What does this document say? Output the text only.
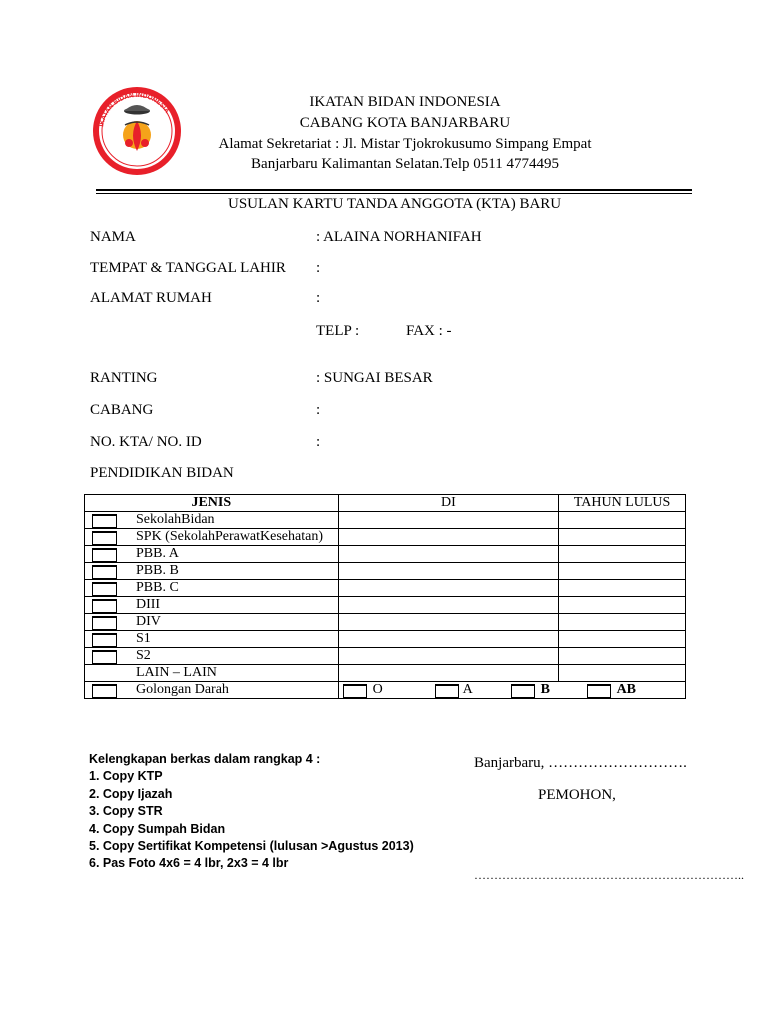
IKATAN BIDAN INDONESIA
IKATAN BIDAN INDONESIA
CABANG KOTA BANJARBARU
Alamat Sekretariat : Jl. Mistar Tjokrokusumo Simpang Empat
Banjarbaru Kalimantan Selatan.Telp 0511 4774495
USULAN KARTU TANDA ANGGOTA (KTA) BARU
NAMA	: ALAINA NORHANIFAH
TEMPAT & TANGGAL LAHIR :
ALAMAT RUMAH	:
TELP :	FAX : -
RANTING	: SUNGAI BESAR
CABANG	:
NO. KTA/ NO. ID	:
PENDIDIKAN BIDAN
JENIS	DI	TAHUN LULUS

SekolahBidan		

SPK (SekolahPerawatKesehatan)		

PBB. A		

PBB. B		

PBB. C		

DIII		

DIV		

S1		

S2		

LAIN – LAIN		

Golongan Darah	O A B AB	
Kelengkapan berkas dalam rangkap 4 :
1. Copy KTP
2. Copy Ijazah
3. Copy STR
4. Copy Sumpah Bidan
5. Copy Sertifikat Kompetensi (lulusan >Agustus 2013)
6. Pas Foto 4x6 = 4 lbr, 2x3 = 4 lbr
Banjarbaru, ……………………….
PEMOHON,
…………………………………………………………..
